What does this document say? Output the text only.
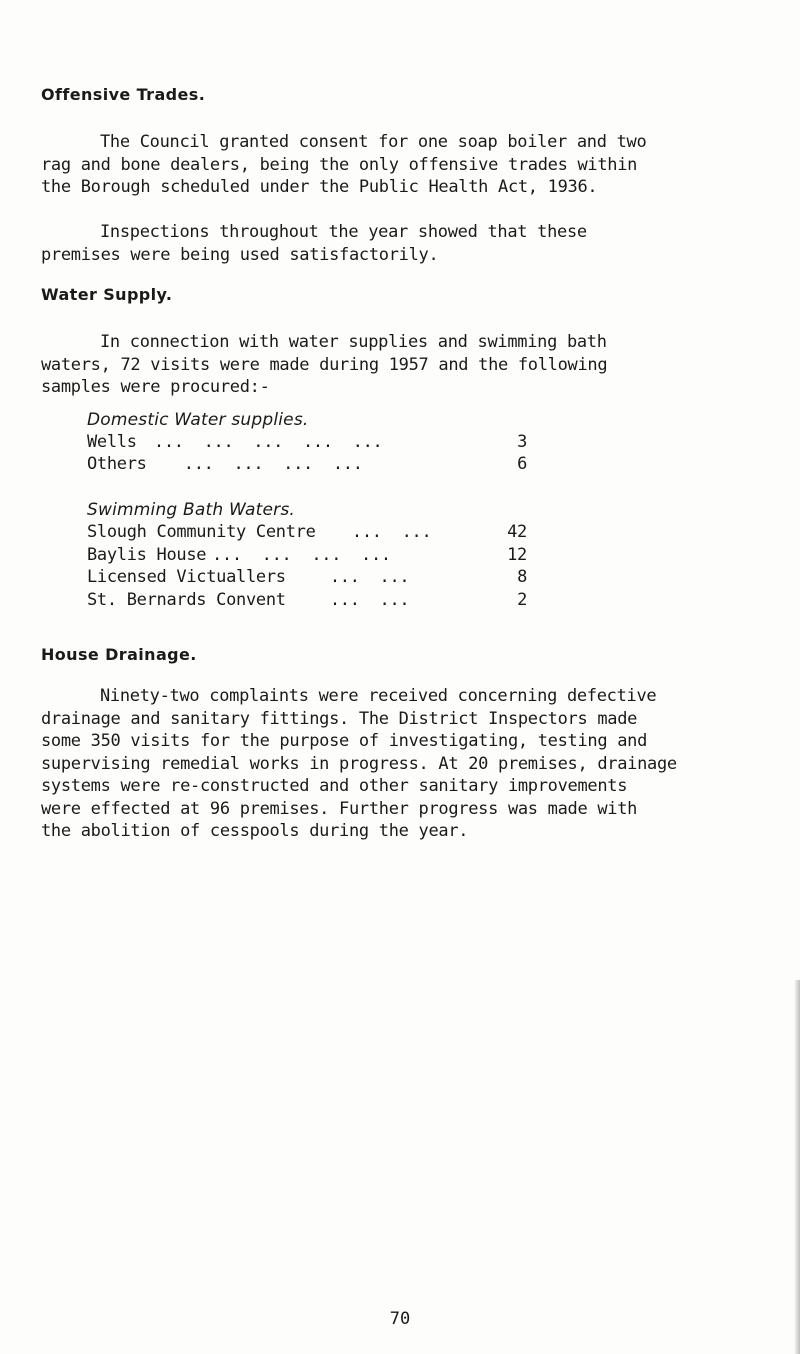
Offensive Trades.

The Council granted consent for one soap boiler and two
rag and bone dealers, being the only offensive trades within
the Borough scheduled under the Public Health Act, 1936.

Inspections throughout the year showed that these
premises were being used satisfactorily.

Water Supply.

In connection with water supplies and swimming bath
waters, 72 visits were made during 1957 and the following
samples were procured:-

Domestic Water supplies.
Wells ...  ...  ...  ...  ...	3
Others ...  ...  ...  ...	6
Swimming Bath Waters.
Slough Community Centre ...  ...	42
Baylis House ...  ...  ...  ...	12
Licensed Victuallers ...  ...	8
St. Bernards Convent ...  ...	2
House Drainage.

Ninety-two complaints were received concerning defective
drainage and sanitary fittings. The District Inspectors made
some 350 visits for the purpose of investigating, testing and
supervising remedial works in progress. At 20 premises, drainage
systems were re-constructed and other sanitary improvements
were effected at 96 premises. Further progress was made with
the abolition of cesspools during the year.

70
